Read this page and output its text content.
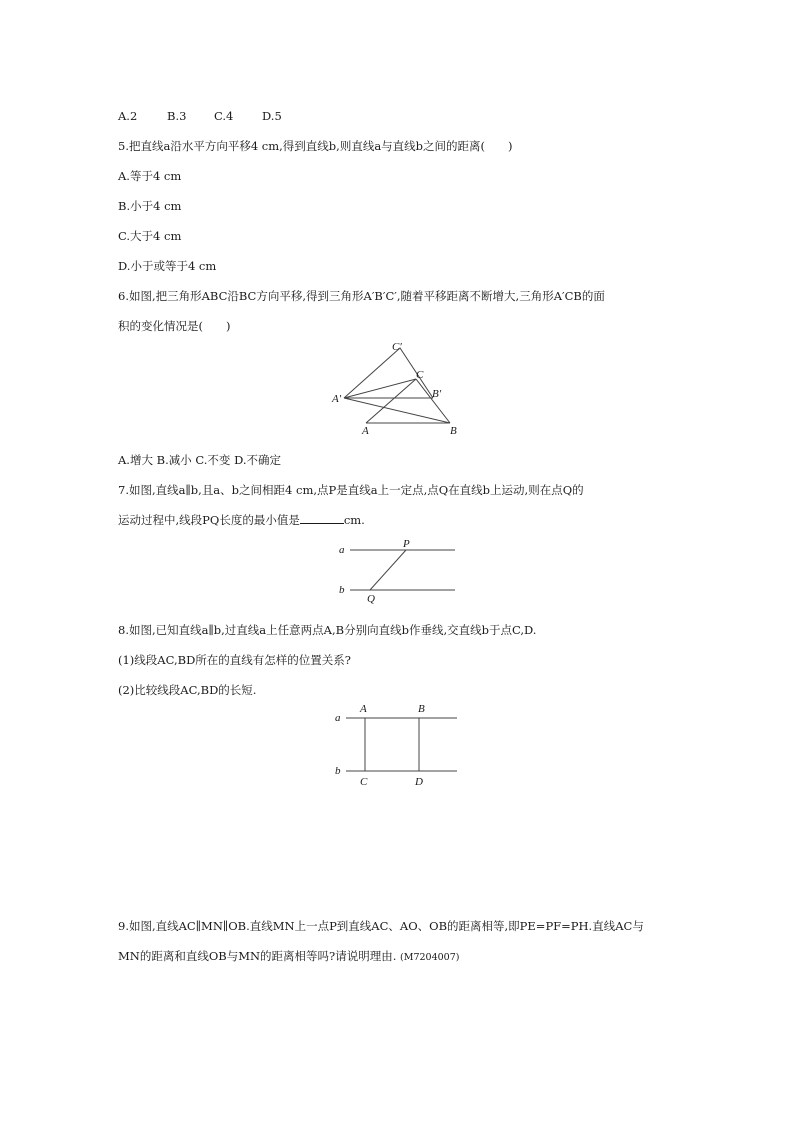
A.2	B.3 C.4 D.5
5.把直线a沿水平方向平移4 cm,得到直线b,则直线a与直线b之间的距离(　　)
A.等于4 cm
B.小于4 cm
C.大于4 cm
D.小于或等于4 cm
6.如图,把三角形ABC沿BC方向平移,得到三角形A′B′C′,随着平移距离不断增大,三角形A′CB的面
积的变化情况是(　　)
C′
C
A′	B′
A	B
A.增大 B.减小 C.不变 D.不确定
7.如图,直线a∥b,且a、b之间相距4 cm,点P是直线a上一定点,点Q在直线b上运动,则在点Q的
运动过程中,线段PQ长度的最小值是	cm.
a
b
P
Q
8.如图,已知直线a∥b,过直线a上任意两点A,B分别向直线b作垂线,交直线b于点C,D.
(1)线段AC,BD所在的直线有怎样的位置关系?
(2)比较线段AC,BD的长短.
a
b
A	B
C	D
9.如图,直线AC∥MN∥OB.直线MN上一点P到直线AC、AO、OB的距离相等,即PE=PF=PH.直线AC与
MN的距离和直线OB与MN的距离相等吗?请说明理由. (M7204007)
